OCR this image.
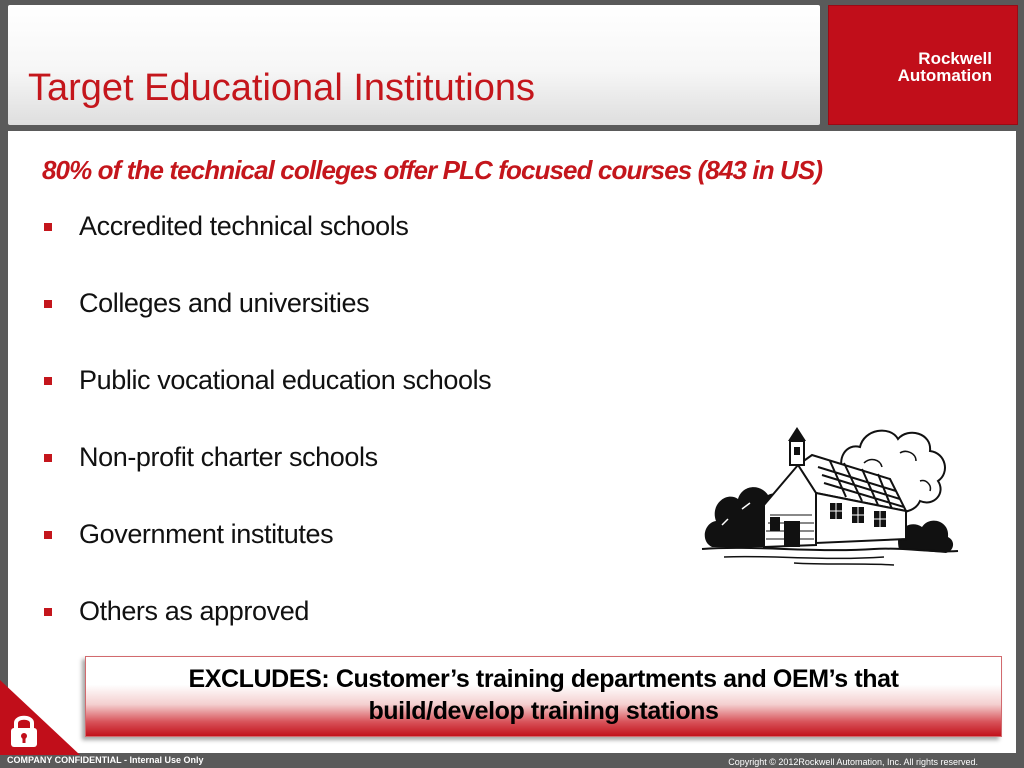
Target Educational Institutions
Rockwell
Automation
80% of the technical colleges offer PLC focused courses (843 in US)
Accredited technical schools
Colleges and universities
Public vocational education schools
Non-profit charter schools
Government institutes
Others as approved
EXCLUDES: Customer’s training departments and OEM’s that
build/develop training stations
COMPANY CONFIDENTIAL - Internal Use Only	Copyright © 2012Rockwell Automation, Inc. All rights reserved.
